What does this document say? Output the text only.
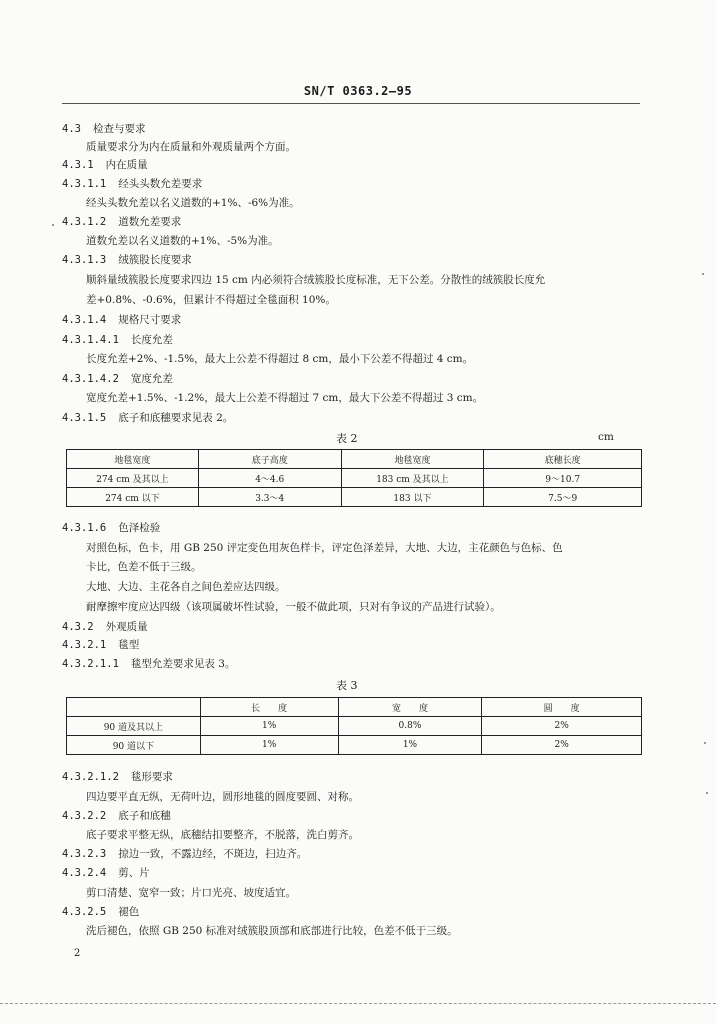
SN/T 0363.2—95
4.3 检查与要求
质量要求分为内在质量和外观质量两个方面。
4.3.1 内在质量
4.3.1.1 经头头数允差要求
经头头数允差以名义道数的+1%、-6%为准。
4.3.1.2 道数允差要求
道数允差以名义道数的+1%、-5%为准。
4.3.1.3 绒簇股长度要求
顺斜量绒簇股长度要求四边 15 cm 内必须符合绒簇股长度标准，无下公差。分散性的绒簇股长度允
差+0.8%、-0.6%，但累计不得超过全毯面积 10%。
4.3.1.4 规格尺寸要求
4.3.1.4.1 长度允差
长度允差+2%、-1.5%，最大上公差不得超过 8 cm，最小下公差不得超过 4 cm。
4.3.1.4.2 宽度允差
宽度允差+1.5%、-1.2%，最大上公差不得超过 7 cm，最大下公差不得超过 3 cm。
4.3.1.5 底子和底穗要求见表 2。
4.3.1.6 色泽检验
对照色标，色卡，用 GB 250 评定变色用灰色样卡，评定色泽差异，大地、大边，主花颜色与色标、色
卡比，色差不低于三级。
大地、大边、主花各自之间色差应达四级。
耐摩擦牢度应达四级（该项属破坏性试验，一般不做此项，只对有争议的产品进行试验）。
4.3.2 外观质量
4.3.2.1 毯型
4.3.2.1.1 毯型允差要求见表 3。
4.3.2.1.2 毯形要求
四边要平直无纵，无荷叶边，圆形地毯的圆度要圆、对称。
4.3.2.2 底子和底穗
底子要求平整无纵，底穗结扣要整齐，不脱落，洗白剪齐。
4.3.2.3 掠边一致，不露边经，不斑边，扫边齐。
4.3.2.4 剪、片
剪口清楚、宽窄一致；片口光亮、坡度适宜。
4.3.2.5 褪色
洗后褪色，依照 GB 250 标准对绒簇股顶部和底部进行比较，色差不低于三级。
表 2	cm
地毯宽度	底子高度	地毯宽度	底穗长度
274 cm 及其以上	4～4.6	183 cm 及其以上	9～10.7
274 cm 以下	3.3～4	183 以下	7.5～9
表 3
	长　　度	宽　　度	圆　　度
90 道及其以上	1%	0.8%	2%
90 道以下	1%	1%	2%
2
